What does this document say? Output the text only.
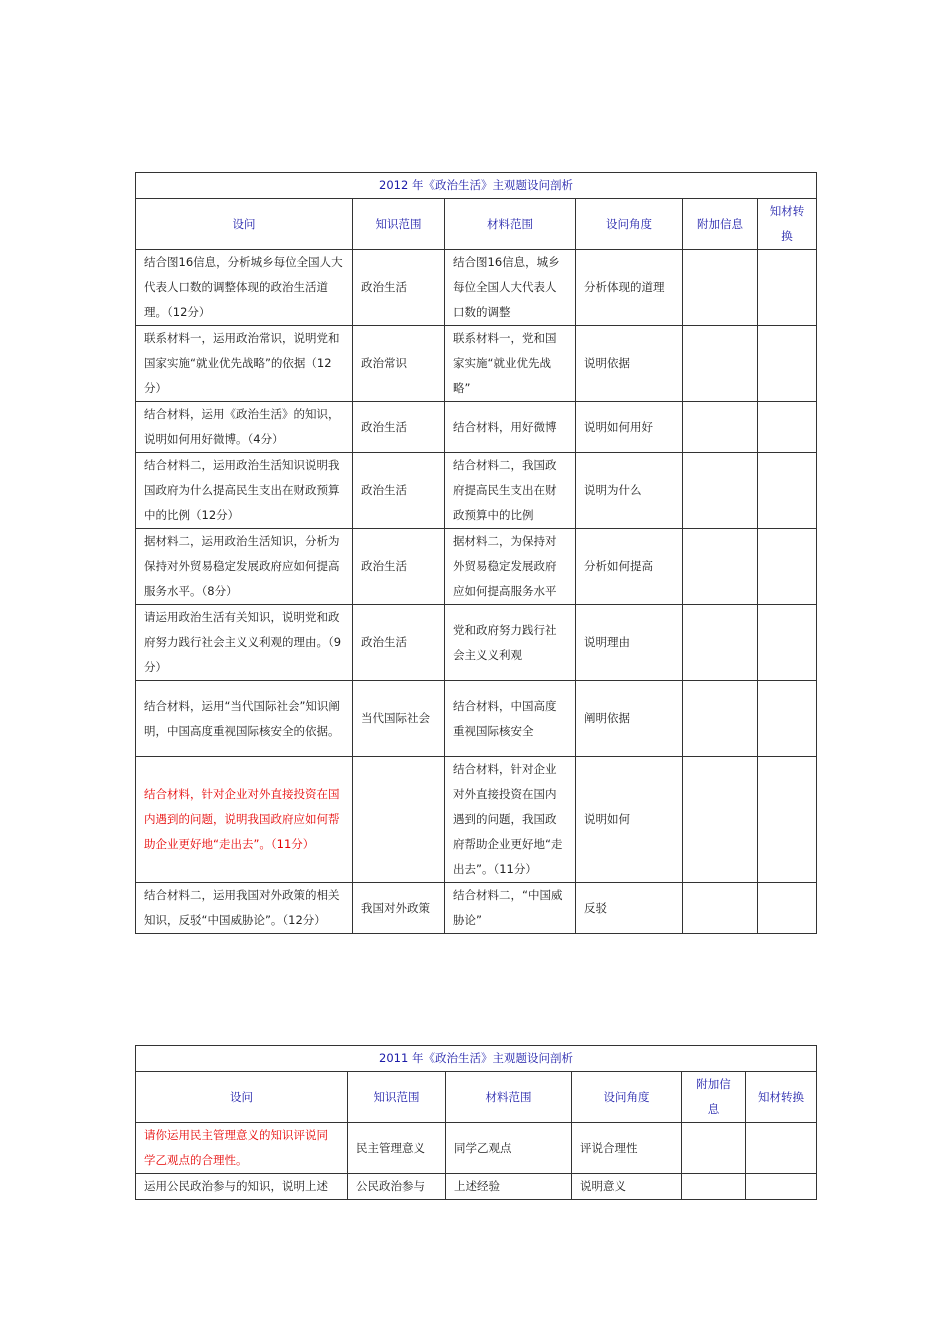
2012 年《政治生活》主观题设问剖析					
设问	知识范围	材料范围	设问角度	附加信息	知材转
换
结合图16信息，分析城乡每位全国人大代表人口数的调整体现的政治生活道理。（12分）	政治生活	结合图16信息，城乡每位全国人大代表人口数的调整	分析体现的道理		
联系材料一，运用政治常识，说明党和国家实施“就业优先战略”的依据（12分）	政治常识	联系材料一，党和国家实施“就业优先战略”	说明依据		
结合材料，运用《政治生活》的知识，说明如何用好微博。（4分）	政治生活	结合材料，用好微博	说明如何用好		
结合材料二，运用政治生活知识说明我国政府为什么提高民生支出在财政预算中的比例（12分）	政治生活	结合材料二，我国政府提高民生支出在财政预算中的比例	说明为什么		
据材料二，运用政治生活知识，分析为保持对外贸易稳定发展政府应如何提高服务水平。（8分）	政治生活	据材料二，为保持对外贸易稳定发展政府应如何提高服务水平	分析如何提高		
请运用政治生活有关知识，说明党和政府努力践行社会主义义利观的理由。（9分）	政治生活	党和政府努力践行社会主义义利观	说明理由		
结合材料，运用“当代国际社会”知识阐明，中国高度重视国际核安全的依据。	当代国际社会	结合材料，中国高度重视国际核安全	阐明依据		
结合材料，针对企业对外直接投资在国内遇到的问题，说明我国政府应如何帮助企业更好地“走出去”。（11分）		结合材料，针对企业对外直接投资在国内遇到的问题，我国政府帮助企业更好地“走出去”。（11分）	说明如何		
结合材料二，运用我国对外政策的相关知识，反驳“中国威胁论”。（12分）	我国对外政策	结合材料二，“中国威胁论”	反驳		
2011 年《政治生活》主观题设问剖析					
设问	知识范围	材料范围	设问角度	附加信
息	知材转换
请你运用民主管理意义的知识评说同学乙观点的合理性。	民主管理意义	同学乙观点	评说合理性		
运用公民政治参与的知识，说明上述	公民政治参与	上述经验	说明意义		
